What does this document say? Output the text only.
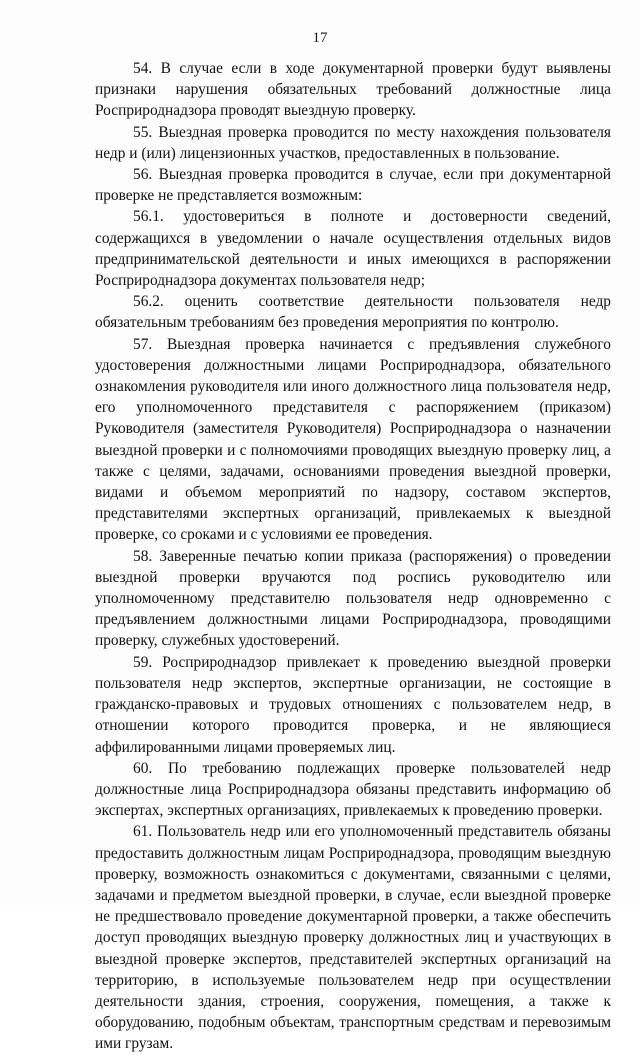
17

54. В случае если в ходе документарной проверки будут выявлены признаки нарушения обязательных требований должностные лица Росприроднадзора проводят выездную проверку.

55. Выездная проверка проводится по месту нахождения пользователя недр и (или) лицензионных участков, предоставленных в пользование.

56. Выездная проверка проводится в случае, если при документарной проверке не представляется возможным:

56.1. удостовериться в полноте и достоверности сведений, содержащихся в уведомлении о начале осуществления отдельных видов предпринимательской деятельности и иных имеющихся в распоряжении Росприроднадзора документах пользователя недр;

56.2. оценить соответствие деятельности пользователя недр обязательным требованиям без проведения мероприятия по контролю.

57. Выездная проверка начинается с предъявления служебного удостоверения должностными лицами Росприроднадзора, обязательного ознакомления руководителя или иного должностного лица пользователя недр, его уполномоченного представителя с распоряжением (приказом) Руководителя (заместителя Руководителя) Росприроднадзора о назначении выездной проверки и с полномочиями проводящих выездную проверку лиц, а также с целями, задачами, основаниями проведения выездной проверки, видами и объемом мероприятий по надзору, составом экспертов, представителями экспертных организаций, привлекаемых к выездной проверке, со сроками и с условиями ее проведения.

58. Заверенные печатью копии приказа (распоряжения) о проведении выездной проверки вручаются под роспись руководителю или уполномоченному представителю пользователя недр одновременно с предъявлением должностными лицами Росприроднадзора, проводящими проверку, служебных удостоверений.

59. Росприроднадзор привлекает к проведению выездной проверки пользователя недр экспертов, экспертные организации, не состоящие в гражданско-правовых и трудовых отношениях с пользователем недр, в отношении которого проводится проверка, и не являющиеся аффилированными лицами проверяемых лиц.

60. По требованию подлежащих проверке пользователей недр должностные лица Росприроднадзора обязаны представить информацию об экспертах, экспертных организациях, привлекаемых к проведению проверки.

61. Пользователь недр или его уполномоченный представитель обязаны предоставить должностным лицам Росприроднадзора, проводящим выездную проверку, возможность ознакомиться с документами, связанными с целями, задачами и предметом выездной проверки, в случае, если выездной проверке не предшествовало проведение документарной проверки, а также обеспечить доступ проводящих выездную проверку должностных лиц и участвующих в выездной проверке экспертов, представителей экспертных организаций на территорию, в используемые пользователем недр при осуществлении деятельности здания, строения, сооружения, помещения, а также к оборудованию, подобным объектам, транспортным средствам и перевозимым ими грузам.
